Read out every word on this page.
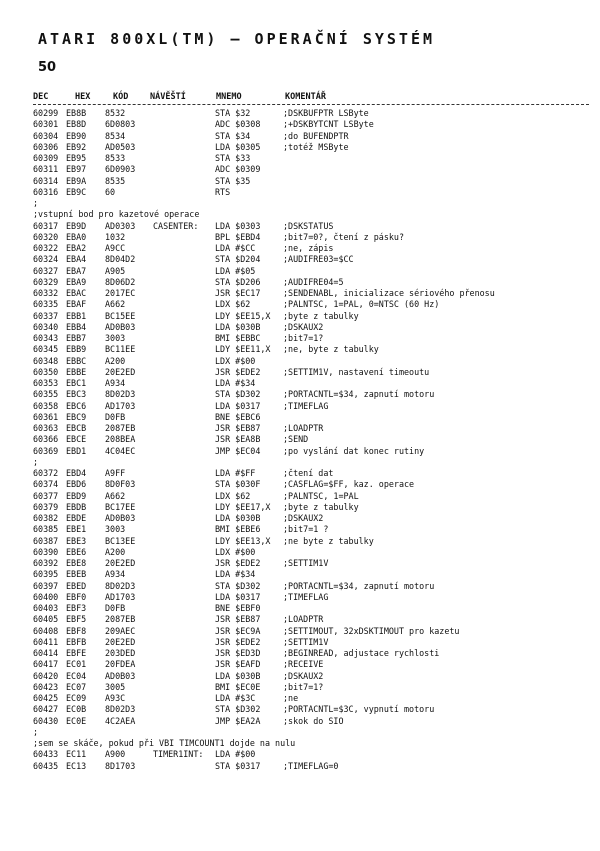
ATARI 800XL(TM) — OPERAČNÍ SYSTÉM
50
DEC	HEX	KÓD	NÁVĚŠTÍ	MNEMO	KOMENTÁŘ
60299 EB8B 8532	STA $32	;DSKBUFPTR LSByte
60301 EB8D 6D0803	ADC $0308	;+DSKBYTCNT LSByte
60304 EB90 8534	STA $34	;do BUFENDPTR
60306 EB92 AD0503	LDA $0305	;totéž MSByte
60309 EB95 8533	STA $33
60311 EB97 6D0903	ADC $0309
60314 EB9A 8535	STA $35
60316 EB9C 60	RTS
;
;vstupní bod pro kazetové operace
60317 EB9D AD0303 CASENTER: LDA $0303	;DSKSTATUS
60320 EBA0 1032	BPL $EBD4	;bit7=0?, čtení z pásku?
60322 EBA2 A9CC	LDA #$CC	;ne, zápis
60324 EBA4 8D04D2	STA $D204	;AUDIFRE03=$CC
60327 EBA7 A905	LDA #$05
60329 EBA9 8D06D2	STA $D206	;AUDIFRE04=5
60332 EBAC 2017EC	JSR $EC17	;SENDENABL, inicializace sériového přenosu
60335 EBAF A662	LDX $62	;PALNTSC, 1=PAL, 0=NTSC (60 Hz)
60337 EBB1 BC15EE	LDY $EE15,X ;byte z tabulky
60340 EBB4 AD0B03	LDA $030B	;DSKAUX2
60343 EBB7 3003	BMI $EBBC	;bit7=1?
60345 EBB9 BC11EE	LDY $EE11,X ;ne, byte z tabulky
60348 EBBC A200	LDX #$00
60350 EBBE 20E2ED	JSR $EDE2	;SETTIM1V, nastavení timeoutu
60353 EBC1 A934	LDA #$34
60355 EBC3 8D02D3	STA $D302	;PORTACNTL=$34, zapnutí motoru
60358 EBC6 AD1703	LDA $0317	;TIMEFLAG
60361 EBC9 D0FB	BNE $EBC6
60363 EBCB 2087EB	JSR $EB87	;LOADPTR
60366 EBCE 208BEA	JSR $EA8B	;SEND
60369 EBD1 4C04EC	JMP $EC04	;po vyslání dat konec rutiny
;
60372 EBD4 A9FF	LDA #$FF	;čtení dat
60374 EBD6 8D0F03	STA $030F	;CASFLAG=$FF, kaz. operace
60377 EBD9 A662	LDX $62	;PALNTSC, 1=PAL
60379 EBDB BC17EE	LDY $EE17,X ;byte z tabulky
60382 EBDE AD0B03	LDA $030B	;DSKAUX2
60385 EBE1 3003	BMI $EBE6	;bit7=1 ?
60387 EBE3 BC13EE	LDY $EE13,X ;ne byte z tabulky
60390 EBE6 A200	LDX #$00
60392 EBE8 20E2ED	JSR $EDE2	;SETTIM1V
60395 EBEB A934	LDA #$34
60397 EBED 8D02D3	STA $D302	;PORTACNTL=$34, zapnutí motoru
60400 EBF0 AD1703	LDA $0317	;TIMEFLAG
60403 EBF3 D0FB	BNE $EBF0
60405 EBF5 2087EB	JSR $EB87	;LOADPTR
60408 EBF8 209AEC	JSR $EC9A	;SETTIMOUT, 32xDSKTIMOUT pro kazetu
60411 EBFB 20E2ED	JSR $EDE2	;SETTIM1V
60414 EBFE 203DED	JSR $ED3D	;BEGINREAD, adjustace rychlosti
60417 EC01 20FDEA	JSR $EAFD	;RECEIVE
60420 EC04 AD0B03	LDA $030B	;DSKAUX2
60423 EC07 3005	BMI $EC0E	;bit7=1?
60425 EC09 A93C	LDA #$3C	;ne
60427 EC0B 8D02D3	STA $D302	;PORTACNTL=$3C, vypnutí motoru
60430 EC0E 4C2AEA	JMP $EA2A	;skok do SIO
;
;sem se skáče, pokud při VBI TIMCOUNT1 dojde na nulu
60433 EC11 A900	TIMER1INT: LDA #$00
60435 EC13 8D1703	STA $0317	;TIMEFLAG=0
